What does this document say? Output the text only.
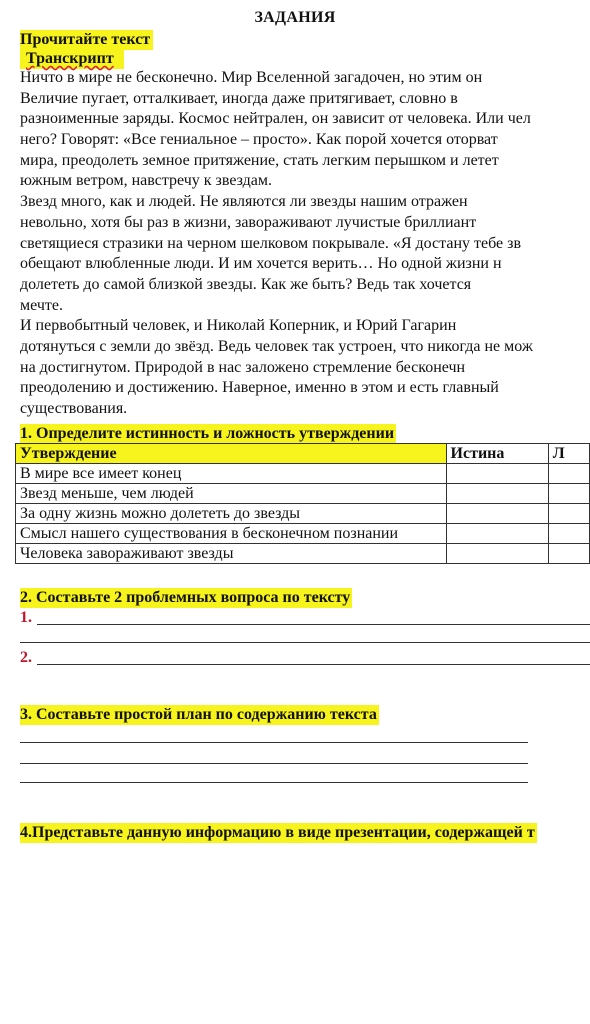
ЗАДАНИЯ
Прочитайте текст
Транскрипт
Ничто в мире не бесконечно. Мир Вселенной загадочен, но этим он
Величие пугает, отталкивает, иногда даже притягивает, словно в
разноименные заряды. Космос нейтрален, он зависит от человека. Или чел
него? Говорят: «Все гениальное – просто». Как порой хочется оторват
мира, преодолеть земное притяжение, стать легким перышком и летет
южным ветром, навстречу к звездам.
Звезд много, как и людей. Не являются ли звезды нашим отражен
невольно, хотя бы раз в жизни, завораживают лучистые бриллиант
светящиеся стразики на черном шелковом покрывале. «Я достану тебе зв
обещают влюбленные люди. И им хочется верить… Но одной жизни н
долететь до самой близкой звезды. Как же быть? Ведь так хочется
мечте.
И первобытный человек, и Николай Коперник, и Юрий Гагарин
дотянуться с земли до звёзд. Ведь человек так устроен, что никогда не мож
на достигнутом. Природой в нас заложено стремление бесконечн
преодолению и достижению. Наверное, именно в этом и есть главный
существования.
1. Определите истинность и ложность утверждении
Утверждение	Истина	Л
В мире все имеет конец		
Звезд меньше, чем людей		
За одну жизнь можно долететь до звезды		
Смысл нашего существования в бесконечном познании		
Человека завораживают звезды		
2. Составьте 2 проблемных вопроса по тексту
1.
2.
3. Составьте простой план по содержанию текста
4.Представьте данную информацию в виде презентации, содержащей т
